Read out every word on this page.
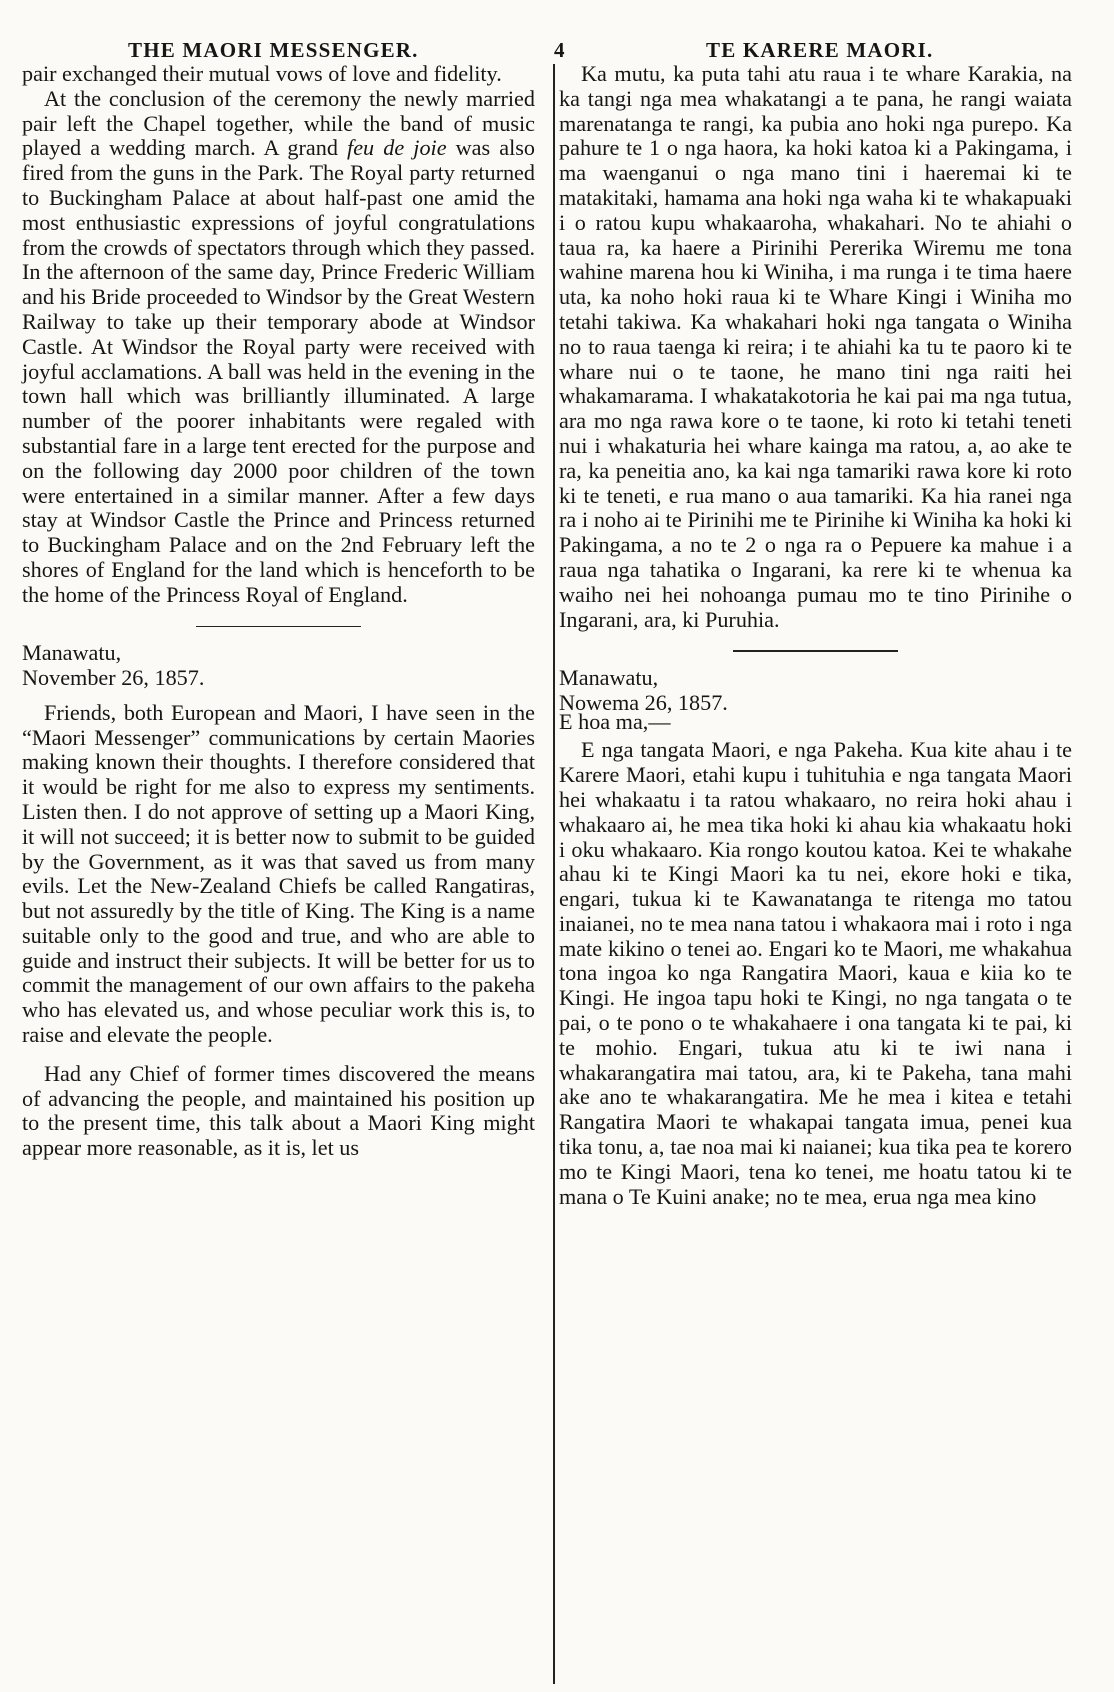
THE MAORI MESSENGER.	4	TE KARERE MAORI.

pair exchanged their mutual vows of love and fidelity.

At the conclusion of the ceremony the newly married pair left the Chapel together, while the band of music played a wedding march. A grand feu de joie was also fired from the guns in the Park. The Royal party returned to Buckingham Palace at about half-past one amid the most enthusiastic expressions of joyful congratulations from the crowds of spectators through which they passed. In the afternoon of the same day, Prince Frederic William and his Bride proceeded to Windsor by the Great Western Railway to take up their temporary abode at Windsor Castle. At Windsor the Royal party were received with joyful acclamations. A ball was held in the evening in the town hall which was brilliantly illuminated. A large number of the poorer inhabitants were regaled with substantial fare in a large tent erected for the purpose and on the following day 2000 poor children of the town were entertained in a similar manner. After a few days stay at Windsor Castle the Prince and Princess returned to Buckingham Palace and on the 2nd February left the shores of England for the land which is henceforth to be the home of the Princess Royal of England.

Manawatu,

November 26, 1857.

Friends, both European and Maori, I have seen in the “Maori Messenger” communications by certain Maories making known their thoughts. I therefore considered that it would be right for me also to express my sentiments. Listen then. I do not approve of setting up a Maori King, it will not succeed; it is better now to submit to be guided by the Government, as it was that saved us from many evils. Let the New-Zealand Chiefs be called Rangatiras, but not assuredly by the title of King. The King is a name suitable only to the good and true, and who are able to guide and instruct their subjects. It will be better for us to commit the management of our own affairs to the pakeha who has elevated us, and whose peculiar work this is, to raise and elevate the people.

Had any Chief of former times discovered the means of advancing the people, and maintained his position up to the present time, this talk about a Maori King might appear more reasonable, as it is, let us

Ka mutu, ka puta tahi atu raua i te whare Karakia, na ka tangi nga mea whakatangi a te pana, he rangi waiata marenatanga te rangi, ka pubia ano hoki nga purepo. Ka pahure te 1 o nga haora, ka hoki katoa ki a Pakingama, i ma waenganui o nga mano tini i haeremai ki te matakitaki, hamama ana hoki nga waha ki te whakapuaki i o ratou kupu whakaaroha, whakahari. No te ahiahi o taua ra, ka haere a Pirinihi Pererika Wiremu me tona wahine marena hou ki Winiha, i ma runga i te tima haere uta, ka noho hoki raua ki te Whare Kingi i Winiha mo tetahi takiwa. Ka whakahari hoki nga tangata o Winiha no to raua taenga ki reira; i te ahiahi ka tu te paoro ki te whare nui o te taone, he mano tini nga raiti hei whakamarama. I whakatakotoria he kai pai ma nga tutua, ara mo nga rawa kore o te taone, ki roto ki tetahi teneti nui i whakaturia hei whare kainga ma ratou, a, ao ake te ra, ka peneitia ano, ka kai nga tamariki rawa kore ki roto ki te teneti, e rua mano o aua tamariki. Ka hia ranei nga ra i noho ai te Pirinihi me te Pirinihe ki Winiha ka hoki ki Pakingama, a no te 2 o nga ra o Pepuere ka mahue i a raua nga tahatika o Ingarani, ka rere ki te whenua ka waiho nei hei nohoanga pumau mo te tino Pirinihe o Ingarani, ara, ki Puruhia.

Manawatu,

Nowema 26, 1857.

E hoa ma,—

E nga tangata Maori, e nga Pakeha. Kua kite ahau i te Karere Maori, etahi kupu i tuhituhia e nga tangata Maori hei whakaatu i ta ratou whakaaro, no reira hoki ahau i whakaaro ai, he mea tika hoki ki ahau kia whakaatu hoki i oku whakaaro. Kia rongo koutou katoa. Kei te whakahe ahau ki te Kingi Maori ka tu nei, ekore hoki e tika, engari, tukua ki te Kawanatanga te ritenga mo tatou inaianei, no te mea nana tatou i whakaora mai i roto i nga mate kikino o tenei ao. Engari ko te Maori, me whakahua tona ingoa ko nga Rangatira Maori, kaua e kiia ko te Kingi. He ingoa tapu hoki te Kingi, no nga tangata o te pai, o te pono o te whakahaere i ona tangata ki te pai, ki te mohio. Engari, tukua atu ki te iwi nana i whakarangatira mai tatou, ara, ki te Pakeha, tana mahi ake ano te whakarangatira. Me he mea i kitea e tetahi Rangatira Maori te whakapai tangata imua, penei kua tika tonu, a, tae noa mai ki naianei; kua tika pea te korero mo te Kingi Maori, tena ko tenei, me hoatu tatou ki te mana o Te Kuini anake; no te mea, erua nga mea kino
